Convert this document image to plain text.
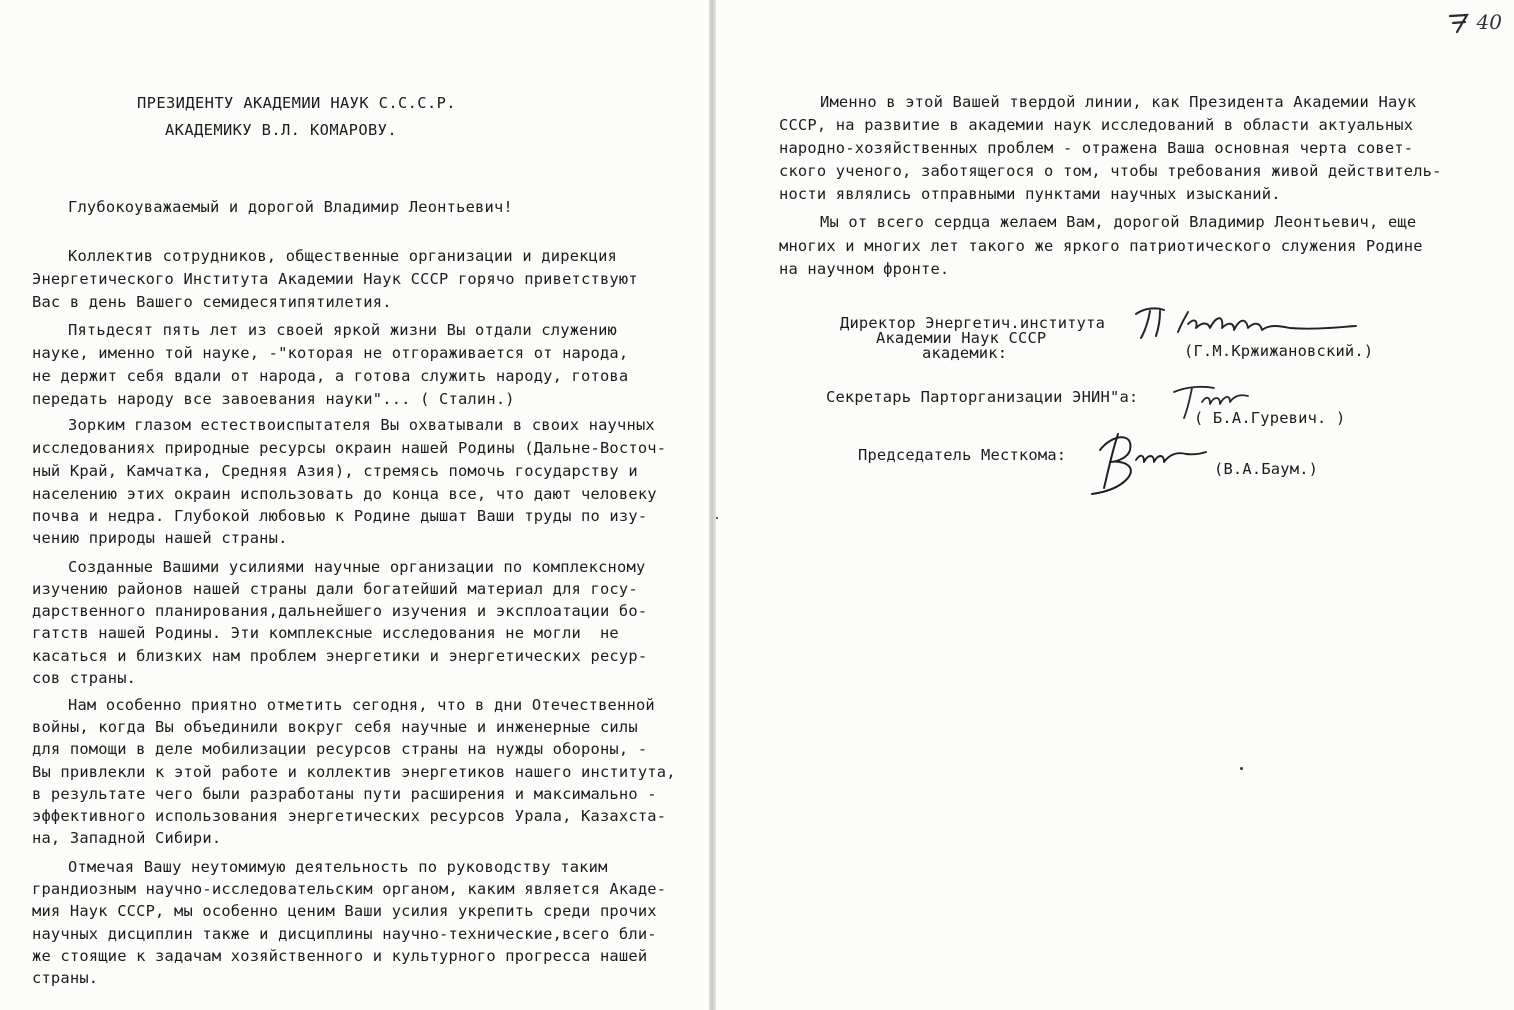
ПРЕЗИДЕНТУ АКАДЕМИИ НАУК С.С.С.Р.
АКАДЕМИКУ В.Л. КОМАРОВУ.
Глубокоуважаемый и дорогой Владимир Леонтьевич!
Коллектив сотрудников, общественные организации и дирекция
Энергетического Института Академии Наук СССР горячо приветствуют
Вас в день Вашего семидесятипятилетия.
Пятьдесят пять лет из своей яркой жизни Вы отдали служению
науке, именно той науке, -"которая не отгораживается от народа,
не держит себя вдали от народа, а готова служить народу, готова
передать народу все завоевания науки"... ( Сталин.)
Зорким глазом естествоиспытателя Вы охватывали в своих научных
исследованиях природные ресурсы окраин нашей Родины (Дальне-Восточ-
ный Край, Камчатка, Средняя Азия), стремясь помочь государству и
населению этих окраин использовать до конца все, что дают человеку
почва и недра. Глубокой любовью к Родине дышат Ваши труды по изу-
чению природы нашей страны.
Созданные Вашими усилиями научные организации по комплексному
изучению районов нашей страны дали богатейший материал для госу-
дарственного планирования,дальнейшего изучения и эксплоатации бо-
гатств нашей Родины. Эти комплексные исследования не могли  не
касаться и близких нам проблем энергетики и энергетических ресур-
сов страны.
Нам особенно приятно отметить сегодня, что в дни Отечественной
войны, когда Вы объединили вокруг себя научные и инженерные силы
для помощи в деле мобилизации ресурсов страны на нужды обороны, -
Вы привлекли к этой работе и коллектив энергетиков нашего института,
в результате чего были разработаны пути расширения и максимально -
эффективного использования энергетических ресурсов Урала, Казахста-
на, Западной Сибири.
Отмечая Вашу неутомимую деятельность по руководству таким
грандиозным научно-исследовательским органом, каким является Акаде-
мия Наук СССР, мы особенно ценим Ваши усилия укрепить среди прочих
научных дисциплин также и дисциплины научно-технические,всего бли-
же стоящие к задачам хозяйственного и культурного прогресса нашей
страны.
40
Именно в этой Вашей твердой линии, как Президента Академии Наук
СССР, на развитие в академии наук исследований в области актуальных
народно-хозяйственных проблем - отражена Ваша основная черта совет-
ского ученого, заботящегося о том, чтобы требования живой действитель-
ности являлись отправными пунктами научных изысканий.
Мы от всего сердца желаем Вам, дорогой Владимир Леонтьевич, еще
многих и многих лет такого же яркого патриотического служения Родине
на научном фронте.
Директор Энергетич.института
Академии Наук СССР
академик:	(Г.М.Кржижановский.)
Секретарь Парторганизации ЭНИН"а:
( Б.А.Гуревич. )
Председатель Месткома:
(В.А.Баум.)
